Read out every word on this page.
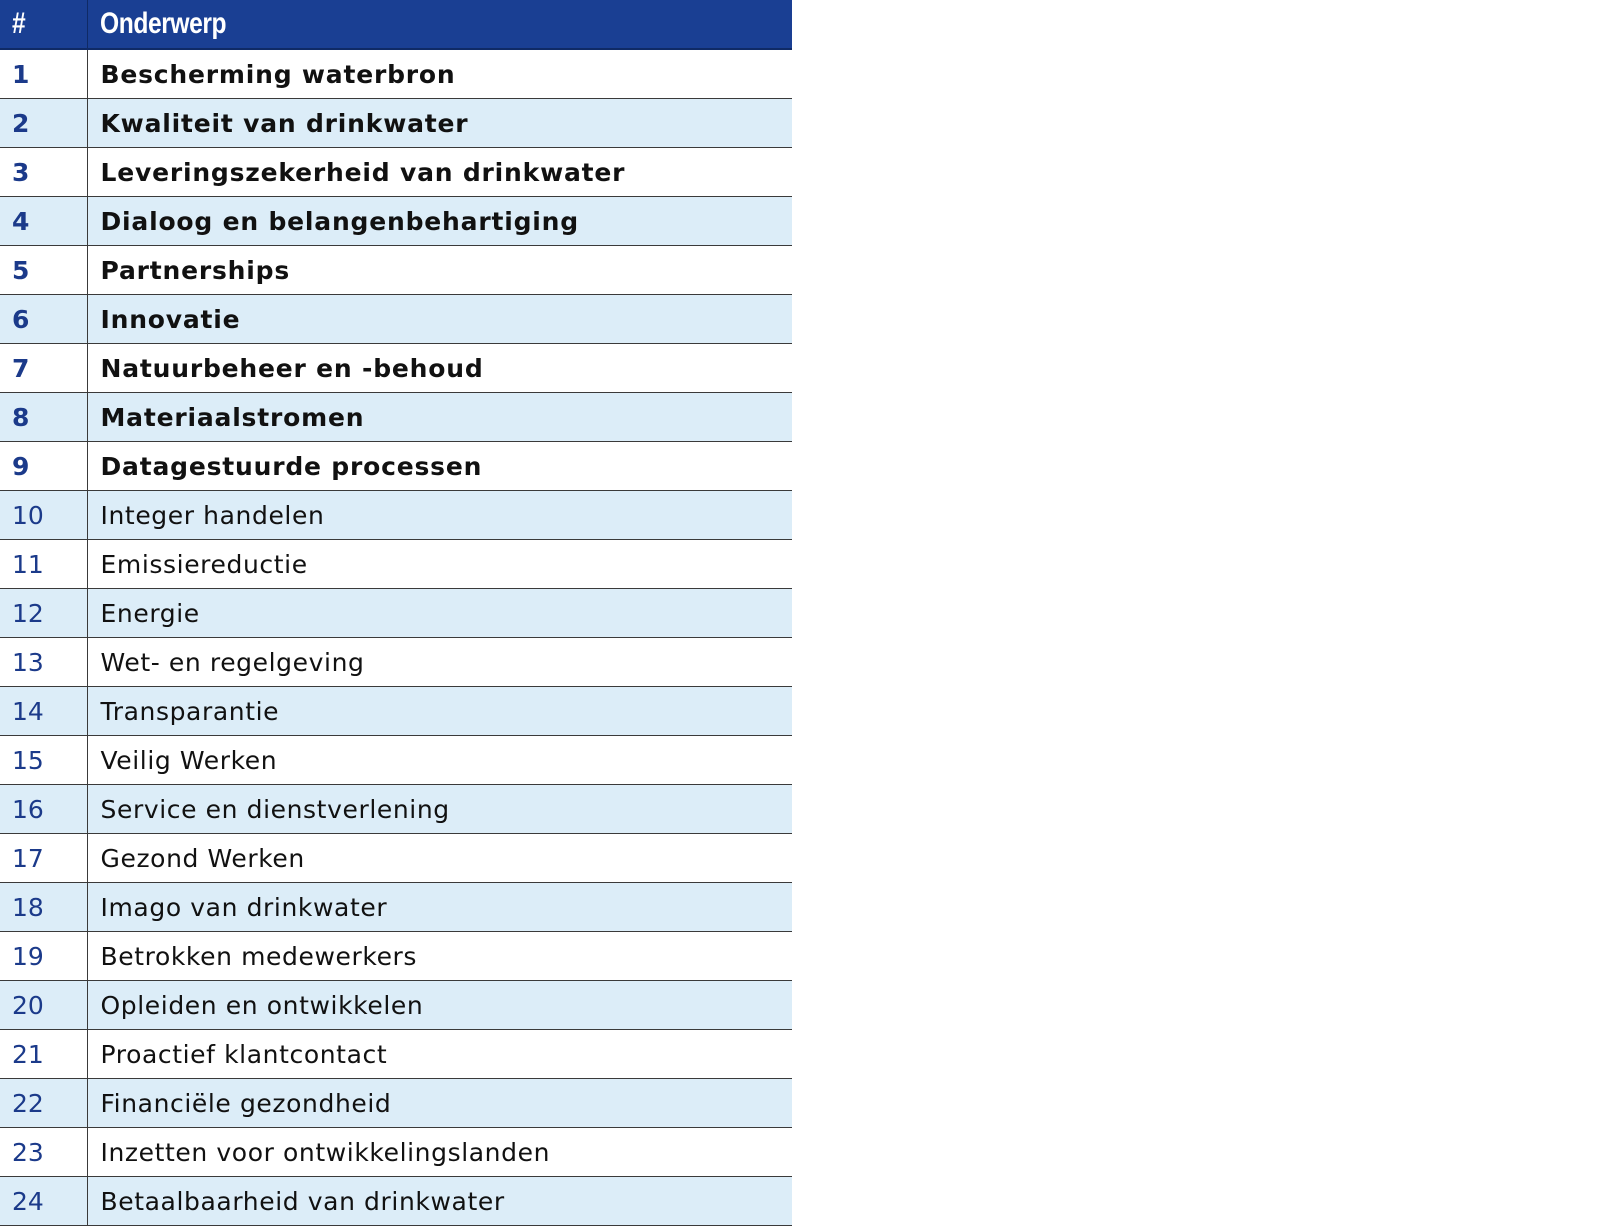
#	Onderwerp
1	Bescherming waterbron
2	Kwaliteit van drinkwater
3	Leveringszekerheid van drinkwater
4	Dialoog en belangenbehartiging
5	Partnerships
6	Innovatie
7	Natuurbeheer en -behoud
8	Materiaalstromen
9	Datagestuurde processen
10	Integer handelen
11	Emissiereductie
12	Energie
13	Wet- en regelgeving
14	Transparantie
15	Veilig Werken
16	Service en dienstverlening
17	Gezond Werken
18	Imago van drinkwater
19	Betrokken medewerkers
20	Opleiden en ontwikkelen
21	Proactief klantcontact
22	Financiële gezondheid
23	Inzetten voor ontwikkelingslanden
24	Betaalbaarheid van drinkwater
